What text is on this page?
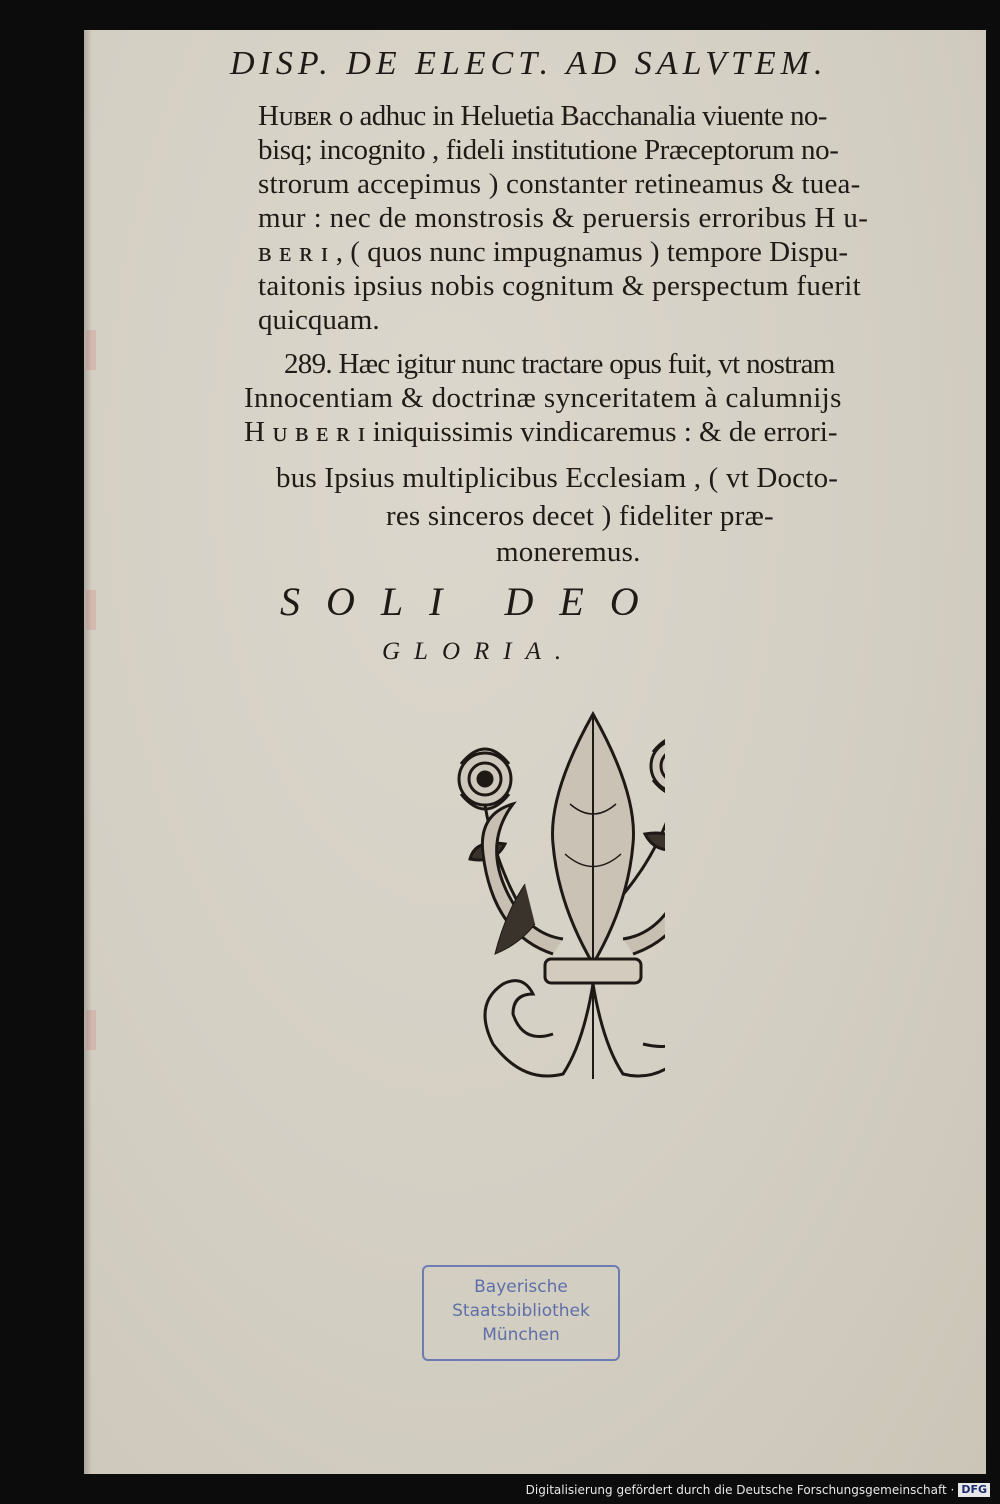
DISP. DE ELECT. AD SALVTEM.
Hᴜʙᴇʀ o adhuc in Heluetia Bacchanalia viuente no-
bisq; incognito , fideli institutione Præceptorum no-
strorum accepimus ) constanter retineamus & tuea-
mur : nec de monstrosis & peruersis erroribus H u-
ʙ ᴇ ʀ ɪ , ( quos nunc impugnamus ) tempore Dispu-
taitonis ipsius nobis cognitum & perspectum fuerit
quicquam.
289. Hæc igitur nunc tractare opus fuit, vt nostram
Innocentiam & doctrinæ synceritatem à calumnijs
H ᴜ ʙ ᴇ ʀ ɪ iniquissimis vindicaremus : & de errori-
bus Ipsius multiplicibus Ecclesiam , ( vt Docto-
res sinceros decet ) fideliter præ-
moneremus.
SOLI DEO
GLORIA.
Bayerische
Staatsbibliothek
München
Digitalisierung gefördert durch die Deutsche Forschungsgemeinschaft · DFG
